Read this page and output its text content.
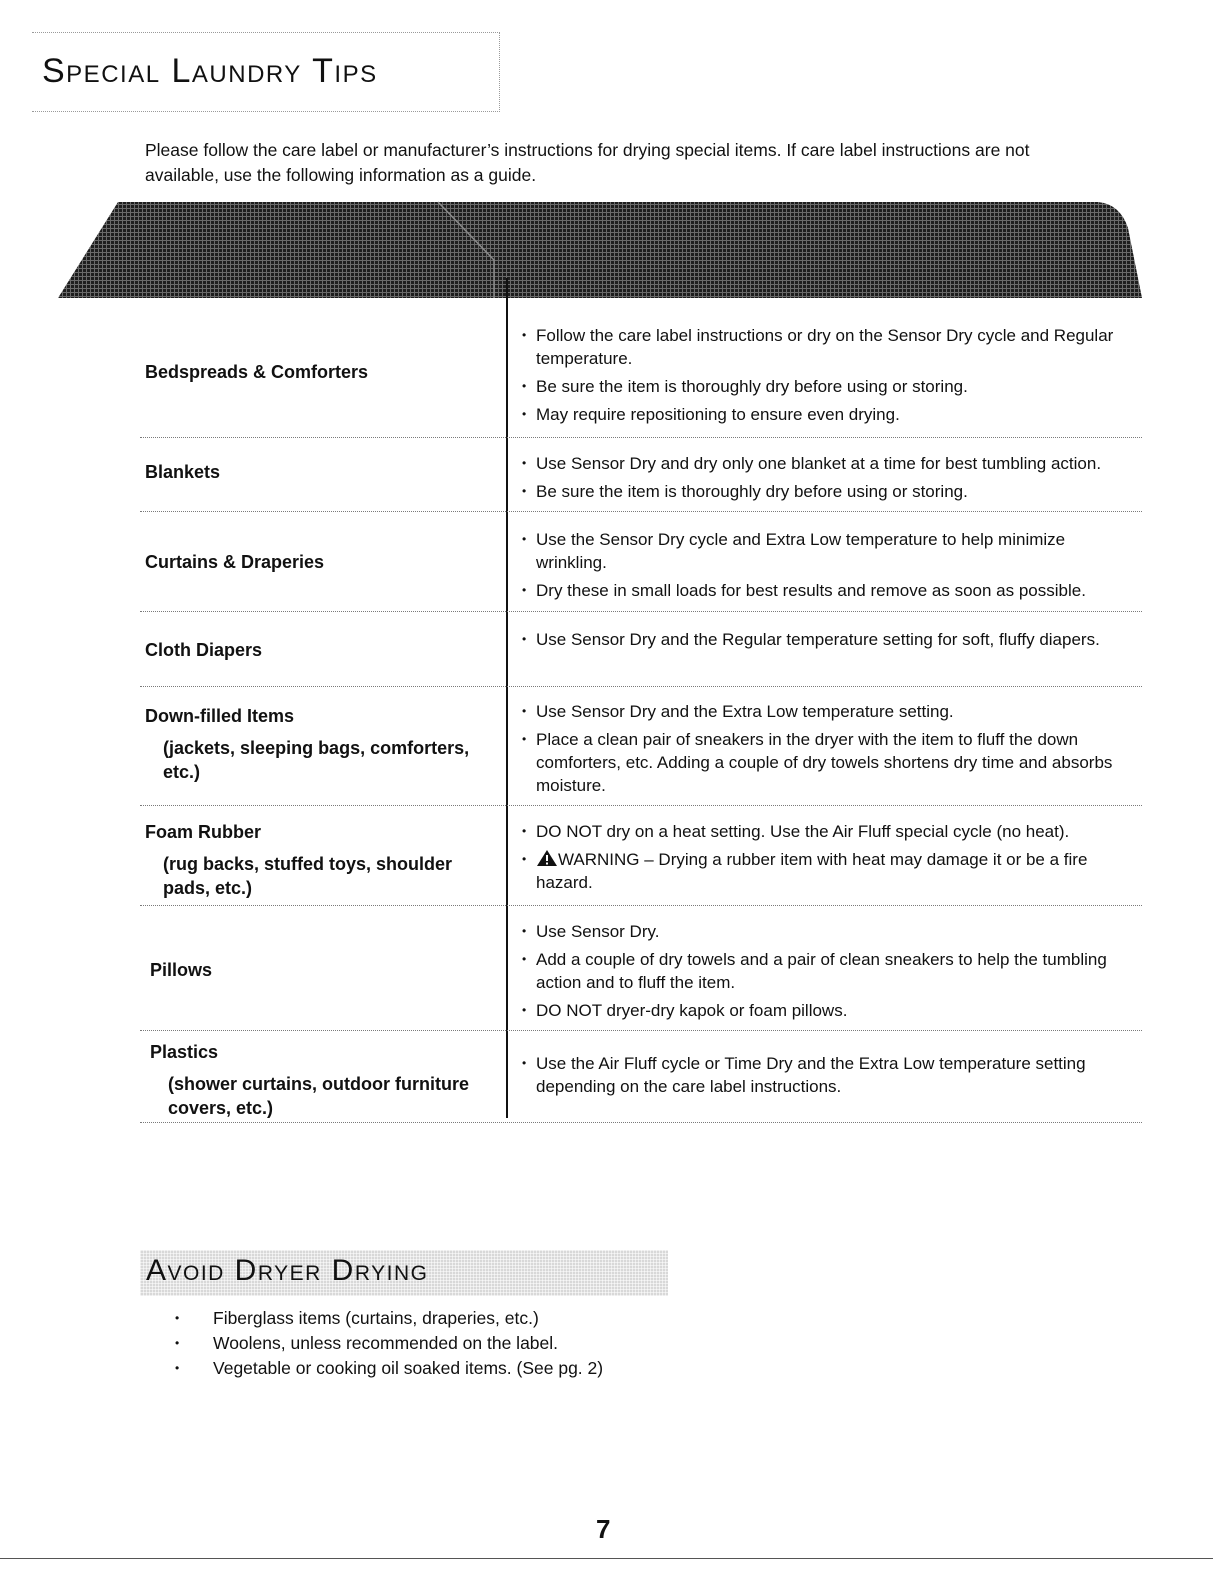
Special Laundry Tips
Please follow the care label or manufacturer’s instructions for drying special items. If care label instructions are not available, use the following information as a guide.
Bedspreads & Comforters
• Follow the care label instructions or dry on the Sensor Dry cycle and Regular temperature.
• Be sure the item is thoroughly dry before using or storing.
• May require repositioning to ensure even drying.
Blankets
•	Use Sensor Dry and dry only one blanket at a time for best tumbling action.
• Be sure the item is thoroughly dry before using or storing.
Curtains & Draperies
• Use the Sensor Dry cycle and Extra Low temperature to help minimize wrinkling.
• Dry these in small loads for best results and remove as soon as possible.
Cloth Diapers
• Use Sensor Dry and the Regular temperature setting for soft, fluffy diapers.
Down-filled Items
(jackets, sleeping bags, comforters, etc.)
• Use Sensor Dry and the Extra Low temperature setting.
• Place a clean pair of sneakers in the dryer with the item to fluff the down comforters, etc. Adding a couple of dry towels shortens dry time and absorbs moisture.
Foam Rubber
(rug backs, stuffed toys, shoulder pads, etc.)
• DO NOT dry on a heat setting. Use the Air Fluff special cycle (no heat).
• WARNING – Drying a rubber item with heat may damage it or be a fire hazard.
Pillows
• Use Sensor Dry.
• Add a couple of dry towels and a pair of clean sneakers to help the tumbling action and to fluff the item.
• DO NOT dryer-dry kapok or foam pillows.
Plastics
(shower curtains, outdoor furniture covers, etc.)
• Use the Air Fluff cycle or Time Dry and the Extra Low temperature setting depending on the care label instructions.
Avoid Dryer Drying
• Fiberglass items (curtains, draperies, etc.)
• Woolens, unless recommended on the label.
• Vegetable or cooking oil soaked items. (See pg. 2)
7
